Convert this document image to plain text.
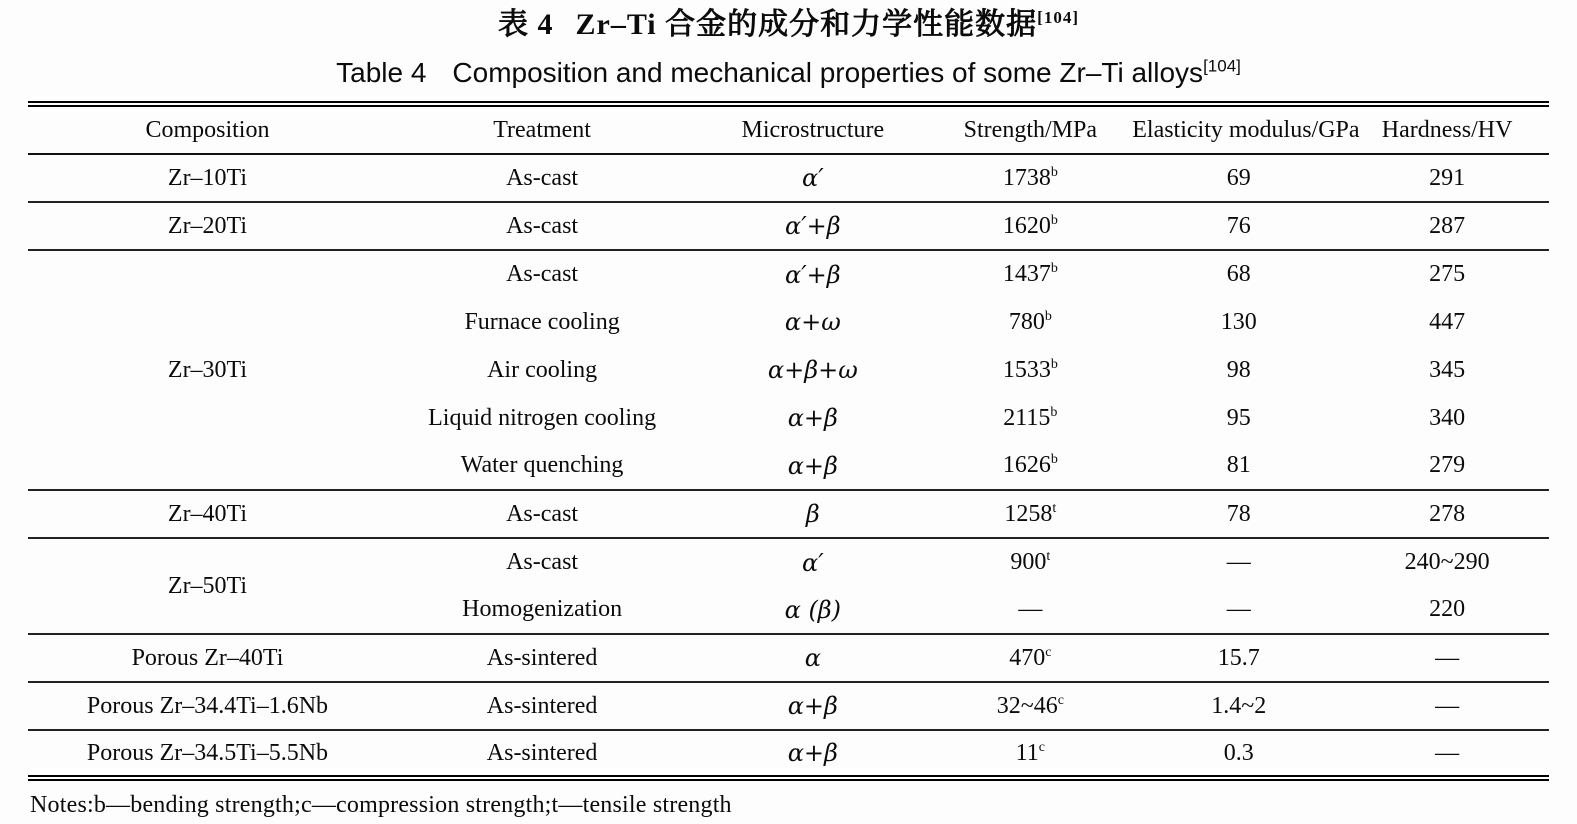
表 4 Zr–Ti 合金的成分和力学性能数据[104]
Table 4 Composition and mechanical properties of some Zr–Ti alloys[104]
Composition	Treatment	Microstructure	Strength/MPa	Elasticity modulus/GPa	Hardness/HV
Zr–10Ti	As-cast	α′	1738$^b$	69	291
Zr–20Ti	As-cast	α′+β	1620$^b$	76	287
Zr–30Ti	As-cast	α′+β	1437$^b$	68	275
	Furnace cooling	α+ω	780$^b$	130	447
	Air cooling	α+β+ω	1533$^b$	98	345
	Liquid nitrogen cooling	α+β	2115$^b$	95	340
	Water quenching	α+β	1626$^b$	81	279
Zr–40Ti	As-cast	β	1258$^t$	78	278
Zr–50Ti	As-cast	α′	900$^t$	—	240~290
	Homogenization	α (β)	—	—	220
Porous Zr–40Ti	As-sintered	α	470$^c$	15.7	—
Porous Zr–34.4Ti–1.6Nb	As-sintered	α+β	32~46$^c$	1.4~2	—
Porous Zr–34.5Ti–5.5Nb	As-sintered	α+β	11$^c$	0.3	—
Notes:b—bending strength;c—compression strength;t—tensile strength
